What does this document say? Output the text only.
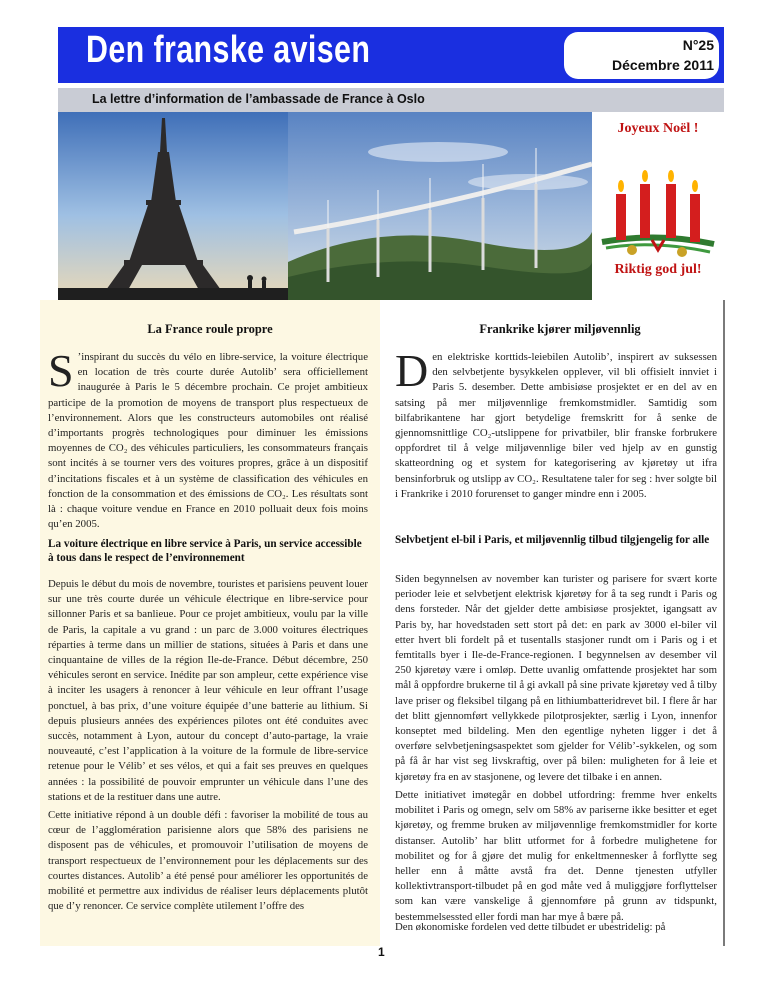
Den franske avisen	N°25
Décembre 2011
La lettre d’information de l’ambassade de France à Oslo
Joyeux Noël !
Riktig god jul!
La France roule propre
S ’inspirant du succès du vélo en libre-service, la voiture électrique en location de très courte durée Autolib’ sera officiellement inaugurée à Paris le 5 décembre prochain. Ce projet ambitieux participe de la promotion de moyens de transport plus respectueux de l’environnement. Alors que les constructeurs automobiles ont réalisé d’importants progrès technologiques pour diminuer les émissions moyennes de CO₂ des véhicules particuliers, les consommateurs français sont incités à se tourner vers des voitures propres, grâce à un dispositif d’incitations fiscales et à un système de classification des véhicules en fonction de la consommation et des émissions de CO₂. Les résultats sont là : chaque voiture vendue en France en 2010 polluait deux fois moins qu’en 2005.
La voiture électrique en libre service à Paris, un service accessible à tous dans le respect de l’environnement
Depuis le début du mois de novembre, touristes et parisiens peuvent louer sur une très courte durée un véhicule électrique en libre-service pour sillonner Paris et sa banlieue. Pour ce projet ambitieux, voulu par la ville de Paris, la capitale a vu grand : un parc de 3.000 voitures électriques réparties à terme dans un millier de stations, situées à Paris et dans une cinquantaine de villes de la région Ile-de-France. Début décembre, 250 véhicules seront en service. Inédite par son ampleur, cette expérience vise à inciter les usagers à renoncer à leur véhicule en leur offrant l’usage ponctuel, à bas prix, d’une voiture équipée d’une batterie au lithium. Si depuis plusieurs années des expériences pilotes ont été conduites avec succès, notamment à Lyon, autour du concept d’auto-partage, la vraie nouveauté, c’est l’application à la voiture de la formule de libre-service retenue pour le Vélib’ et ses vélos, et qui a fait ses preuves en quelques années : la possibilité de pouvoir emprunter un véhicule dans l’une des stations et de la restituer dans une autre.
Cette initiative répond à un double défi : favoriser la mobilité de tous au cœur de l’agglomération parisienne alors que 58% des parisiens ne disposent pas de véhicules, et promouvoir l’utilisation de moyens de transport respectueux de l’environnement pour les déplacements sur des courtes distances. Autolib’ a été pensé pour améliorer les opportunités de mobilité et permettre aux individus de réaliser leurs déplacements plutôt que d’y renoncer. Ce service complète utilement l’offre des
Frankrike kjører miljøvennlig
Den elektriske korttids-leiebilen Autolib’, inspirert av suksessen den selvbetjente bysykkelen opplever, vil bli offisielt innviet i Paris 5. desember. Dette ambisiøse prosjektet er en del av en satsing på mer miljøvennlige fremkomstmidler. Samtidig som bilfabrikantene har gjort betydelige fremskritt for å senke de gjennomsnittlige CO₂-utslippene for privatbiler, blir franske forbrukere oppfordret til å velge miljøvennlige biler ved hjelp av en gunstig skatteordning og et system for kategorisering av kjøretøy ut ifra bensinforbruk og utslipp av CO₂. Resultatene taler for seg : hver solgte bil i Frankrike i 2010 forurenset to ganger mindre enn i 2005.
Selvbetjent el-bil i Paris, et miljøvennlig tilbud tilgjengelig for alle
Siden begynnelsen av november kan turister og parisere for svært korte perioder leie et selvbetjent elektrisk kjøretøy for å ta seg rundt i Paris og dens forsteder. Når det gjelder dette ambisiøse prosjektet, igangsatt av Paris by, har hovedstaden sett stort på det: en park av 3000 el-biler vil etter hvert bli fordelt på et tusentalls stasjoner rundt om i Paris og i et femtitalls byer i Ile-de-France-regionen. I begynnelsen av desember vil 250 kjøretøy være i omløp. Dette uvanlig omfattende prosjektet har som mål å oppfordre brukerne til å gi avkall på sine private kjøretøy ved å tilby lave priser og fleksibel tilgang på en lithiumbatteridrevet bil. I flere år har det blitt gjennomført vellykkede pilotprosjekter, særlig i Lyon, innenfor konseptet med bildeling. Men den egentlige nyheten ligger i det å overføre selvbetjeningsaspektet som gjelder for Vélib’-sykkelen, og som på få år har vist seg livskraftig, over på bilen: muligheten for å leie et kjøretøy fra en av stasjonene, og levere det tilbake i en annen.
Dette initiativet imøtegår en dobbel utfordring: fremme hver enkelts mobilitet i Paris og omegn, selv om 58% av pariserne ikke besitter et eget kjøretøy, og fremme bruken av miljøvennlige fremkomstmidler for korte distanser. Autolib’ har blitt utformet for å forbedre mulighetene for mobilitet og for å gjøre det mulig for enkeltmennesker å forflytte seg heller enn å måtte avstå fra det. Denne tjenesten utfyller kollektivtransport-tilbudet på en god måte ved å muliggjøre forflyttelser som kan være vanskelige å gjennomføre på grunn av tidspunkt, bestemmelsessted eller fordi man har mye å bære på.
Den økonomiske fordelen ved dette tilbudet er ubestridelig: på
1
